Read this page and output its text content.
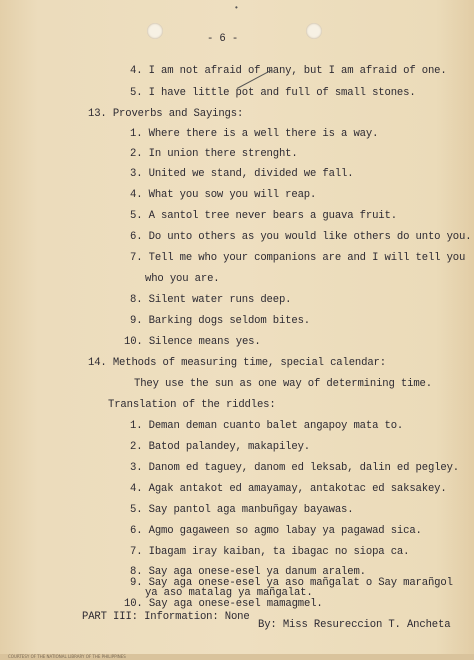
•
- 6 -
4. I am not afraid of many, but I am afraid of one.
5. I have little pot and full of small stones.
13. Proverbs and Sayings:
1. Where there is a well there is a way.
2. In union there strenght.
3. United we stand, divided we fall.
4. What you sow you will reap.
5. A santol tree never bears a guava fruit.
6. Do unto others as you would like others do unto you.
7. Tell me who your companions are and I will tell you
who you are.
8. Silent water runs deep.
9. Barking dogs seldom bites.
10. Silence means yes.
14. Methods of measuring time, special calendar:
They use the sun as one way of determining time.
Translation of the riddles:
1. Deman deman cuanto balet angapoy mata to.
2. Batod palandey, makapiley.
3. Danom ed taguey, danom ed leksab, dalin ed pegley.
4. Agak antakot ed amayamay, antakotac ed saksakey.
5. Say pantol aga manbuñgay bayawas.
6. Agmo gagaween so agmo labay ya pagawad sica.
7. Ibagam iray kaiban, ta ibagac no siopa ca.
8. Say aga onese-esel ya danum aralem.
9. Say aga onese-esel ya aso mañgalat o Say marañgol
ya aso matalag ya mañgalat.
10. Say aga onese-esel mamagmel.
PART III: Information: None
By: Miss Resureccion T. Ancheta
COURTESY OF THE NATIONAL LIBRARY OF THE PHILIPPINES
